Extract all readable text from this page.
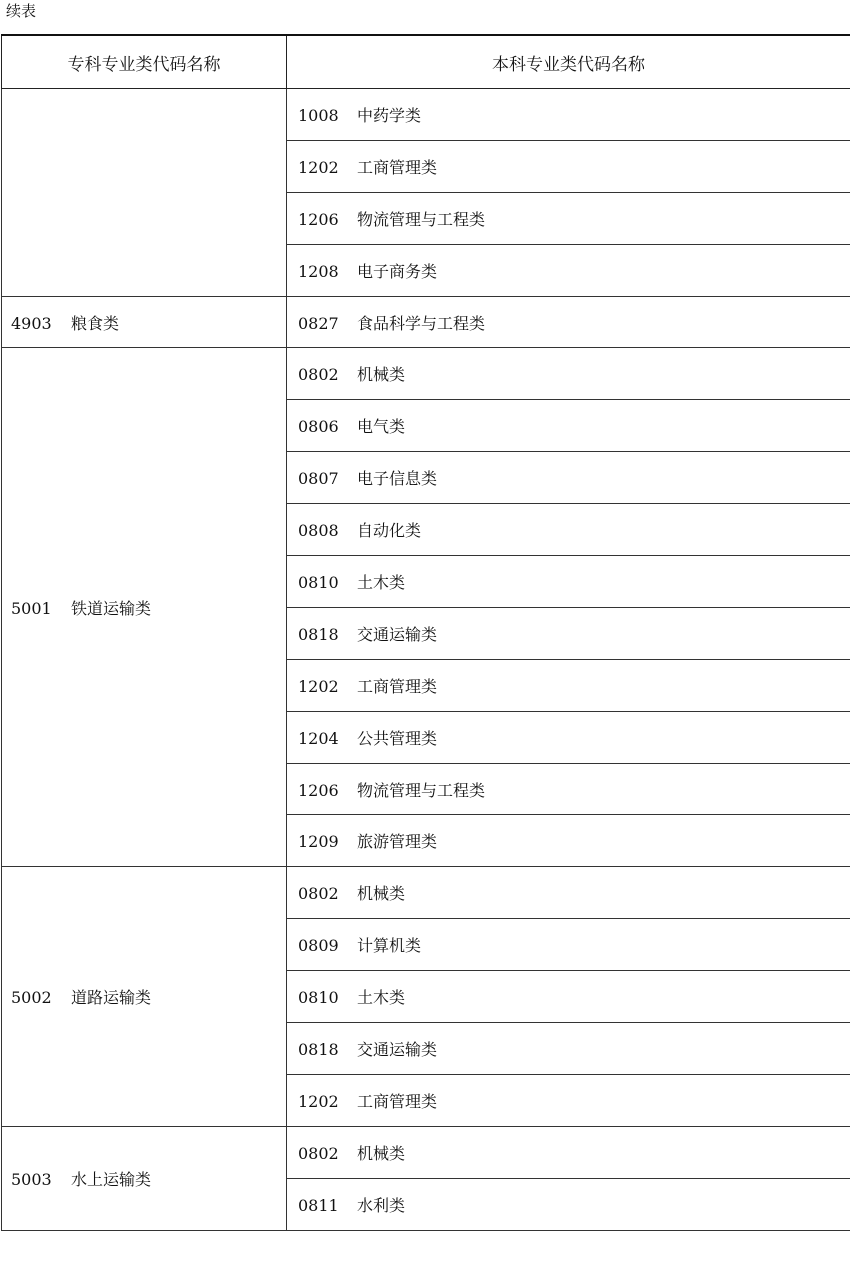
续表
专科专业类代码名称	本科专业类代码名称
	1008 中药学类
	1202 工商管理类
	1206 物流管理与工程类
	1208 电子商务类
4903 粮食类	0827 食品科学与工程类
5001 铁道运输类	0802 机械类
	0806 电气类
	0807 电子信息类
	0808 自动化类
	0810 土木类
	0818 交通运输类
	1202 工商管理类
	1204 公共管理类
	1206 物流管理与工程类
	1209 旅游管理类
5002 道路运输类	0802 机械类
	0809 计算机类
	0810 土木类
	0818 交通运输类
	1202 工商管理类
5003 水上运输类	0802 机械类
	0811 水利类
